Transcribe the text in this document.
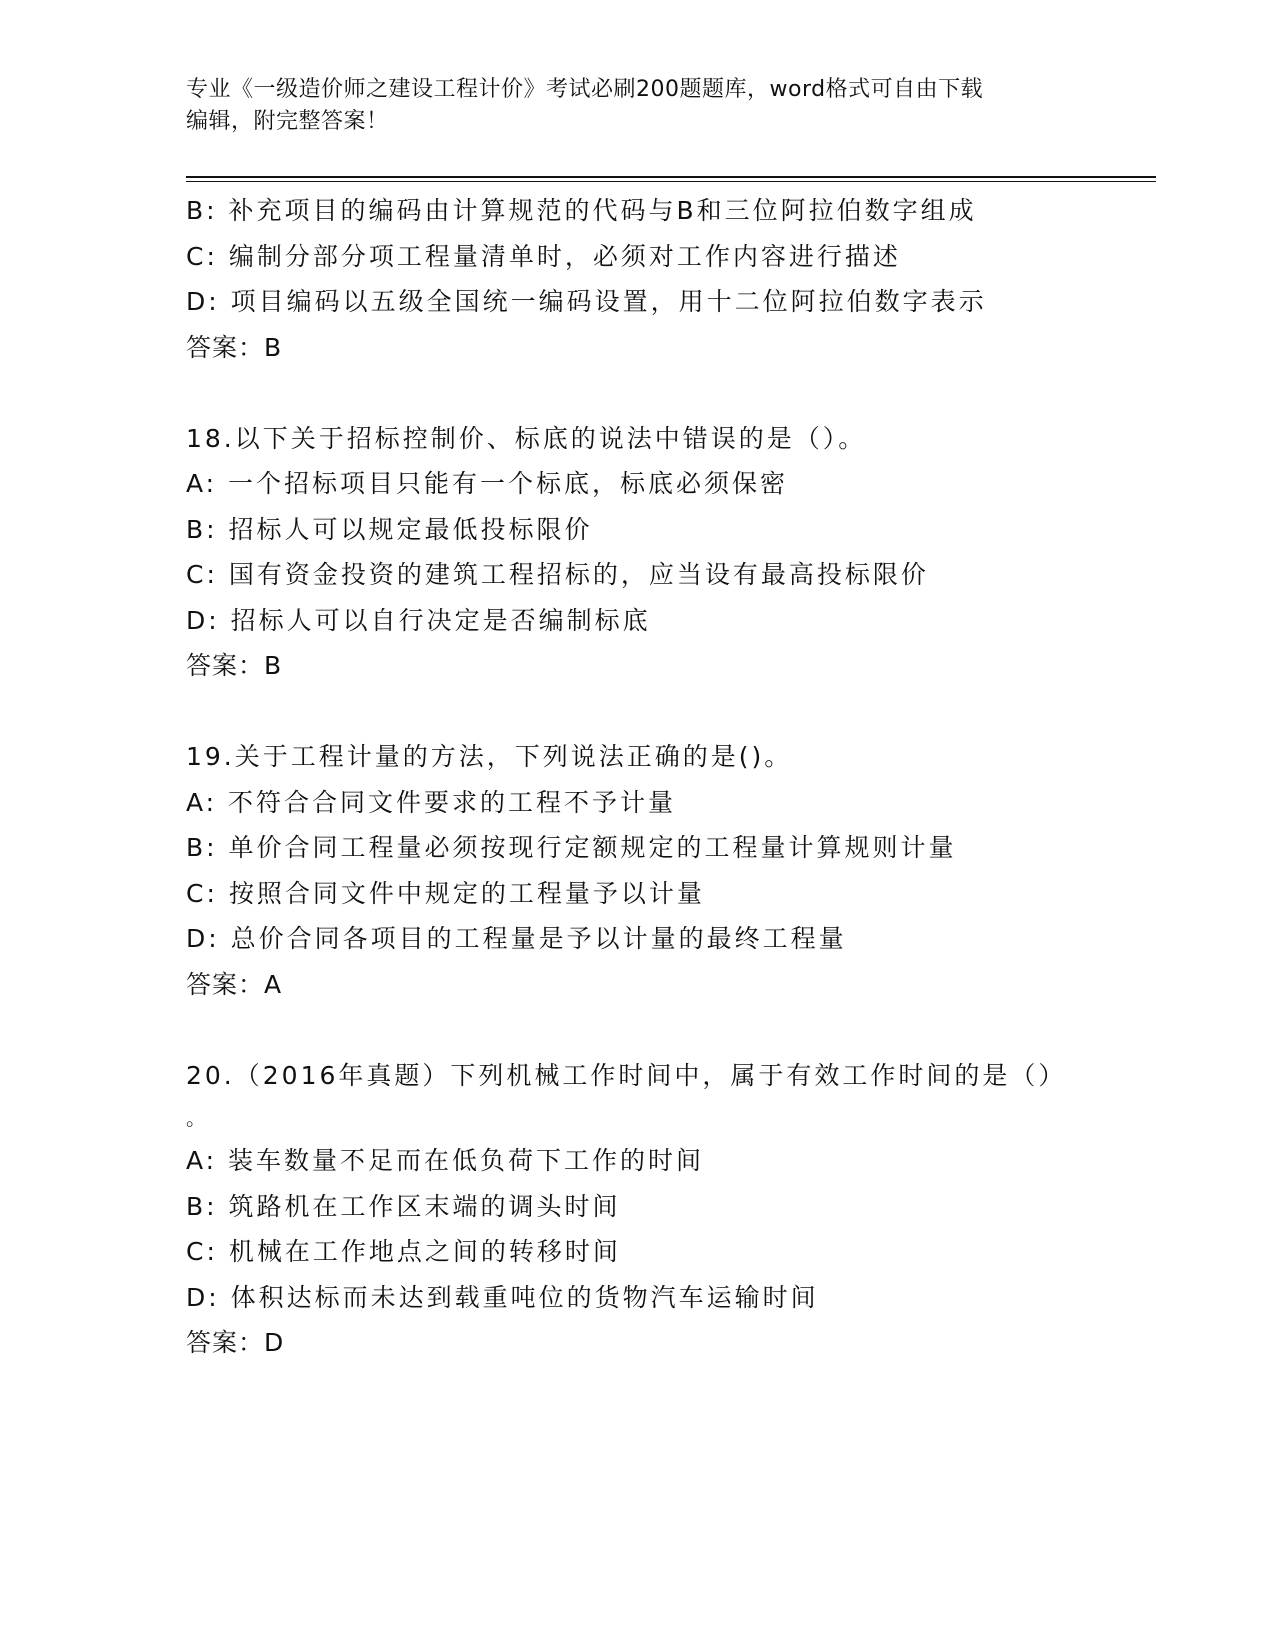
专业《一级造价师之建设工程计价》考试必刷200题题库，word格式可自由下载
编辑，附完整答案！
B: 补充项目的编码由计算规范的代码与B和三位阿拉伯数字组成
C: 编制分部分项工程量清单时，必须对工作内容进行描述
D: 项目编码以五级全国统一编码设置，用十二位阿拉伯数字表示
答案：B
18.以下关于招标控制价、标底的说法中错误的是（）。
A: 一个招标项目只能有一个标底，标底必须保密
B: 招标人可以规定最低投标限价
C: 国有资金投资的建筑工程招标的，应当设有最高投标限价
D: 招标人可以自行决定是否编制标底
答案：B
19.关于工程计量的方法，下列说法正确的是()。
A: 不符合合同文件要求的工程不予计量
B: 单价合同工程量必须按现行定额规定的工程量计算规则计量
C: 按照合同文件中规定的工程量予以计量
D: 总价合同各项目的工程量是予以计量的最终工程量
答案：A
20.（2016年真题）下列机械工作时间中，属于有效工作时间的是（）
。
A: 装车数量不足而在低负荷下工作的时间
B: 筑路机在工作区末端的调头时间
C: 机械在工作地点之间的转移时间
D: 体积达标而未达到载重吨位的货物汽车运输时间
答案：D
